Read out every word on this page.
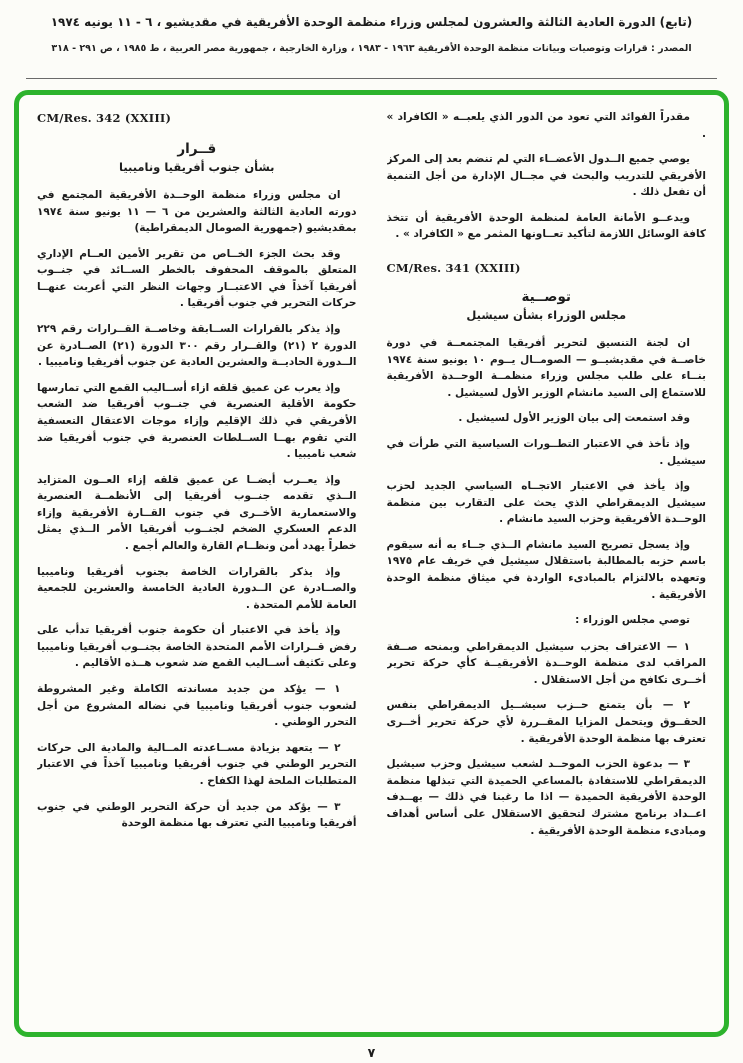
(تابع) الدورة العادية الثالثة والعشرون لمجلس وزراء منظمة الوحدة الأفريقية في مقديشيو ، ٦ - ١١ يونيه ١٩٧٤
المصدر : قرارات وتوصيات وبيانات منظمة الوحدة الأفريقية ١٩٦٣ - ١٩٨٣ ، وزارة الخارجية ، جمهورية مصر العربية ، ط ١٩٨٥ ، ص ٢٩١ - ٣١٨

مقدراً الفوائد التي تعود من الدور الذي يلعبــه « الكافراد » .

يوصي جميع الــدول الأعضــاء التي لم تنضم بعد إلى المركز الأفريقي للتدريب والبحث في مجــال الإدارة من أجل التنمية أن تفعل ذلك .

ويدعــو الأمانة العامة لمنظمة الوحدة الأفريقية أن تتخذ كافة الوسائل اللازمة لتأكيد تعــاونها المثمر مع « الكافراد » .

CM/Res. 341 (XXIII)
توصــية
مجلس الوزراء بشأن سيشيل

ان لجنة التنسيق لتحرير أفريقيا المجتمعــة في دورة خاصــة في مقديشيــو — الصومــال يــوم ١٠ يونيو سنة ١٩٧٤ بنــاء على طلب مجلس وزراء منظمــة الوحــدة الأفريقية للاستماع إلى السيد مانشام الوزير الأول لسيشيل .

وقد استمعت إلى بيان الوزير الأول لسيشيل .

وإذ تأخذ في الاعتبار التطــورات السياسية التي طرأت في سيشيل .

وإذ يأخذ في الاعتبار الاتجــاه السياسي الجديد لحزب سيشيل الديمقراطي الذي يحث على التقارب بين منظمة الوحــدة الأفريقية وحزب السيد مانشام .

وإذ يسجل تصريح السيد مانشام الــذي جــاء به أنه سيقوم باسم حزبه بالمطالبة باستقلال سيشيل في خريف عام ١٩٧٥ وتعهده بالالتزام بالمبادىء الواردة في ميثاق منظمة الوحدة الأفريقية .

توصي مجلس الوزراء :

١ — الاعتراف بحزب سيشيل الديمقراطي وبمنحه صــفة المراقب لدى منظمة الوحــدة الأفريقيــة كأي حركة تحرير أخــرى تكافح من أجل الاستقلال .

٢ — بأن يتمتع حــزب سيشــيل الديمقراطي بنفس الحقــوق ويتحمل المزايا المقــررة لأي حركة تحرير أخــرى تعترف بها منظمة الوحدة الأفريقية .

٣ — بدعوة الحزب الموحــد لشعب سيشيل وحزب سيشيل الديمقراطي للاستفادة بالمساعي الحميدة التي تبذلها منظمة الوحدة الأفريقية الحميدة — اذا ما رغبنا في ذلك — بهــدف اعــداد برنامج مشترك لتحقيق الاستقلال على أساس أهداف ومبادىء منظمة الوحدة الأفريقية .

CM/Res. 342 (XXIII)
قــرار
بشأن جنوب أفريقيا وناميبيا

ان مجلس وزراء منظمة الوحــدة الأفريقية المجتمع في دورته العادية الثالثة والعشرين من ٦ — ١١ يونيو سنة ١٩٧٤ بمقديشيو (جمهورية الصومال الديمقراطية)

وقد بحث الجزء الخــاص من تقرير الأمين العــام الإداري المتعلق بالموقف المحفوف بالخطر الســائد في جنــوب أفريقيا آخذاً في الاعتبــار وجهات النظر التي أعربت عنهــا حركات التحرير في جنوب أفريقيا .

وإذ يذكر بالقرارات الســابقة وخاصــة القــرارات رقم ٢٢٩ الدورة ٢ (٢١) والقــرار رقم ٣٠٠ الدورة (٢١) الصــادرة عن الــدورة الحاديــة والعشرين العادية عن جنوب أفريقيا وناميبيا .

وإذ يعرب عن عميق قلقه ازاء أســاليب القمع التي تمارسها حكومة الأقلية العنصرية في جنــوب أفريقيا ضد الشعب الأفريقي في ذلك الإقليم وإزاء موجات الاعتقال التعسفية التي تقوم بهــا الســلطات العنصرية في جنوب أفريقيا ضد شعب ناميبيا .

وإذ يعــرب أيضــا عن عميق قلقه إزاء العــون المتزايد الــذي تقدمه جنــوب أفريقيا إلى الأنظمــة العنصرية والاستعمارية الأخــرى في جنوب القــارة الأفريقية وإزاء الدعم العسكري الضخم لجنــوب أفريقيا الأمر الــذي يمثل خطراً يهدد أمن ونظــام القارة والعالم أجمع .

وإذ يذكر بالقرارات الخاصة بجنوب أفريقيا وناميبيا والصــادرة عن الــدورة العادية الخامسة والعشرين للجمعية العامة للأمم المتحدة .

وإذ يأخذ في الاعتبار أن حكومة جنوب أفريقيا تدأب على رفض قــرارات الأمم المتحدة الخاصة بجنــوب أفريقيا وناميبيا وعلى تكثيف أســاليب القمع ضد شعوب هــذه الأقاليم .

١ — يؤكد من جديد مساندته الكاملة وغير المشروطة لشعوب جنوب أفريقيا وناميبيا في نضاله المشروع من أجل التحرر الوطني .

٢ — يتعهد بزيادة مســاعدته المــالية والمادية الى حركات التحرير الوطني في جنوب أفريقيا وناميبيا آخذاً في الاعتبار المتطلبات الملحة لهذا الكفاح .

٣ — يؤكد من جديد أن حركة التحرير الوطني في جنوب أفريقيا وناميبيا التي تعترف بها منظمة الوحدة

٧
